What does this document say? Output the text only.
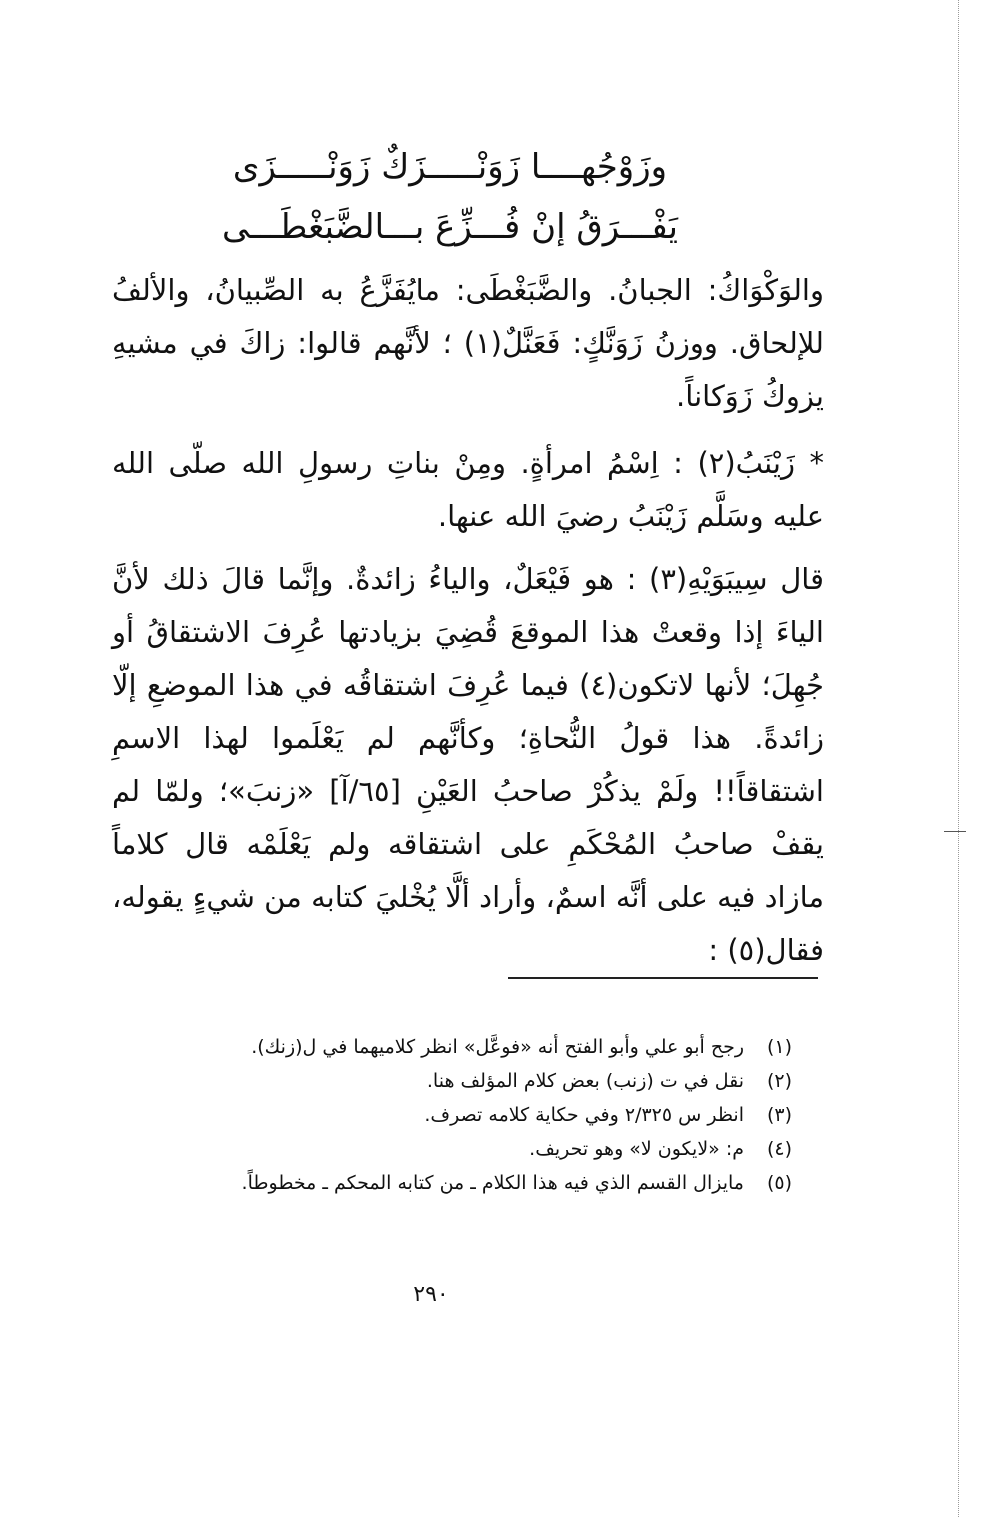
وزَوْجُهــــا زَوَنْـــــزَكٌ زَوَنْـــــزَى
يَفْـــرَقُ إنْ فُـــزِّعَ بـــالضَّبَغْطَـــى

والوَكْوَاكُ: الجبانُ. والضَّبَغْطَى: مايُفَزَّعُ به الصِّبيانُ، والألفُ للإلحاق. ووزنُ زَوَنَّكٍ: فَعَنَّلٌ(١) ؛ لأنَّهم قالوا: زاكَ في مشيهِ يزوكُ زَوَكاناً.

* زَيْنَبُ(٢) : اِسْمُ امرأةٍ. ومِنْ بناتِ رسولِ الله صلّى الله عليه وسَلَّم زَيْنَبُ رضيَ الله عنها.

قال سِيبَوَيْهِ(٣) : هو فَيْعَلٌ، والياءُ زائدةٌ. وإنَّما قالَ ذلك لأنَّ الياءَ إذا وقعتْ هذا الموقعَ قُضِيَ بزيادتها عُرِفَ الاشتقاقُ أو جُهِلَ؛ لأنها لاتكون(٤) فيما عُرِفَ اشتقاقُه في هذا الموضعِ إلّا زائدةً. هذا قولُ النُّحاةِ؛ وكأنَّهم لم يَعْلَموا لهذا الاسمِ اشتقاقاً!! ولَمْ يذكُرْ صاحبُ العَيْنِ [٦٥/آ] «زنبَ»؛ ولمّا لم يقفْ صاحبُ المُحْكَمِ على اشتقاقه ولم يَعْلَمْه قال كلاماً مازاد فيه على أنَّه اسمٌ، وأراد ألَّا يُخْليَ كتابه من شيءٍ يقوله، فقال(٥) :

(١)رجح أبو علي وأبو الفتح أنه «فوعَّل» انظر كلاميهما في ل(زنك).
(٢)نقل في ت (زنب) بعض كلام المؤلف هنا.
(٣)انظر س ٢/٣٢٥ وفي حكاية كلامه تصرف.
(٤)م: «لايكون لا» وهو تحريف.
(٥)مايزال القسم الذي فيه هذا الكلام ـ من كتابه المحكم ـ مخطوطاً.
٢٩٠
